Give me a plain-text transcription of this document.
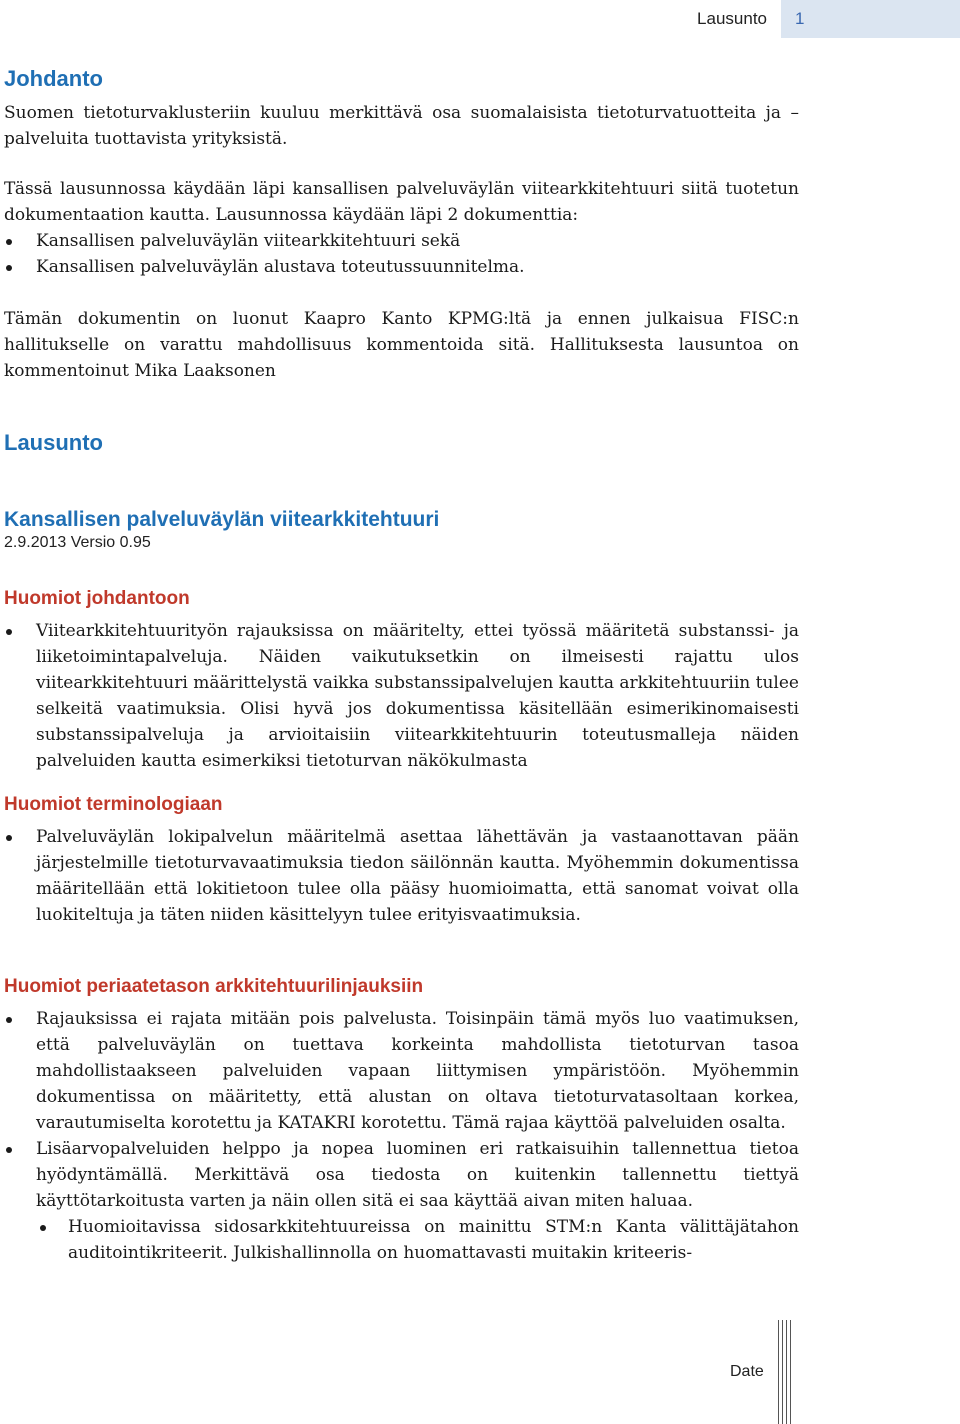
Lausunto	1
Johdanto

Suomen tietoturvaklusteriin kuuluu merkittävä osa suomalaisista tietoturvatuotteita ja –palveluita tuottavista yrityksistä.

Tässä lausunnossa käydään läpi kansallisen palveluväylän viitearkkitehtuuri siitä tuotetun dokumentaation kautta. Lausunnossa käydään läpi 2 dokumenttia:

Kansallisen palveluväylän viitearkkitehtuuri sekä
Kansallisen palveluväylän alustava toteutussuunnitelma.

Tämän dokumentin on luonut Kaapro Kanto KPMG:ltä ja ennen julkaisua FISC:n hallitukselle on varattu mahdollisuus kommentoida sitä. Hallituksesta lausuntoa on kommentoinut Mika Laaksonen

Lausunto
Kansallisen palveluväylän viitearkkitehtuuri

2.9.2013 Versio 0.95

Huomiot johdantoon
Viitearkkitehtuurityön rajauksissa on määritelty, ettei työssä määritetä substanssi- ja liiketoimintapalveluja. Näiden vaikutuksetkin on ilmeisesti rajattu ulos viitearkkitehtuuri määrittelystä vaikka substanssipalvelujen kautta arkkitehtuuriin tulee selkeitä vaatimuksia. Olisi hyvä jos dokumentissa käsitellään esimerikinomaisesti substanssipalveluja ja arvioitaisiin viitearkkitehtuurin toteutusmalleja näiden palveluiden kautta esimerkiksi tietoturvan näkökulmasta
Huomiot terminologiaan
Palveluväylän lokipalvelun määritelmä asettaa lähettävän ja vastaanottavan pään järjestelmille tietoturvavaatimuksia tiedon säilönnän kautta. Myöhemmin dokumentissa määritellään että lokitietoon tulee olla pääsy huomioimatta, että sanomat voivat olla luokiteltuja ja täten niiden käsittelyyn tulee erityisvaatimuksia.
Huomiot periaatetason arkkitehtuurilinjauksiin
Rajauksissa ei rajata mitään pois palvelusta. Toisinpäin tämä myös luo vaatimuksen, että palveluväylän on tuettava korkeinta mahdollista tietoturvan tasoa mahdollistaakseen palveluiden vapaan liittymisen ympäristöön. Myöhemmin dokumentissa on määritetty, että alustan on oltava tietoturvatasoltaan korkea, varautumiselta korotettu ja KATAKRI korotettu. Tämä rajaa käyttöä palveluiden osalta.
Lisäarvopalveluiden helppo ja nopea luominen eri ratkaisuihin tallennettua tietoa hyödyntämällä. Merkittävä osa tiedosta on kuitenkin tallennettu tiettyä käyttötarkoitusta varten ja näin ollen sitä ei saa käyttää aivan miten haluaa.
Huomioitavissa sidosarkkitehtuureissa on mainittu STM:n Kanta välittäjätahon auditointikriteerit. Julkishallinnolla on huomattavasti muitakin kriteeris-
Date
